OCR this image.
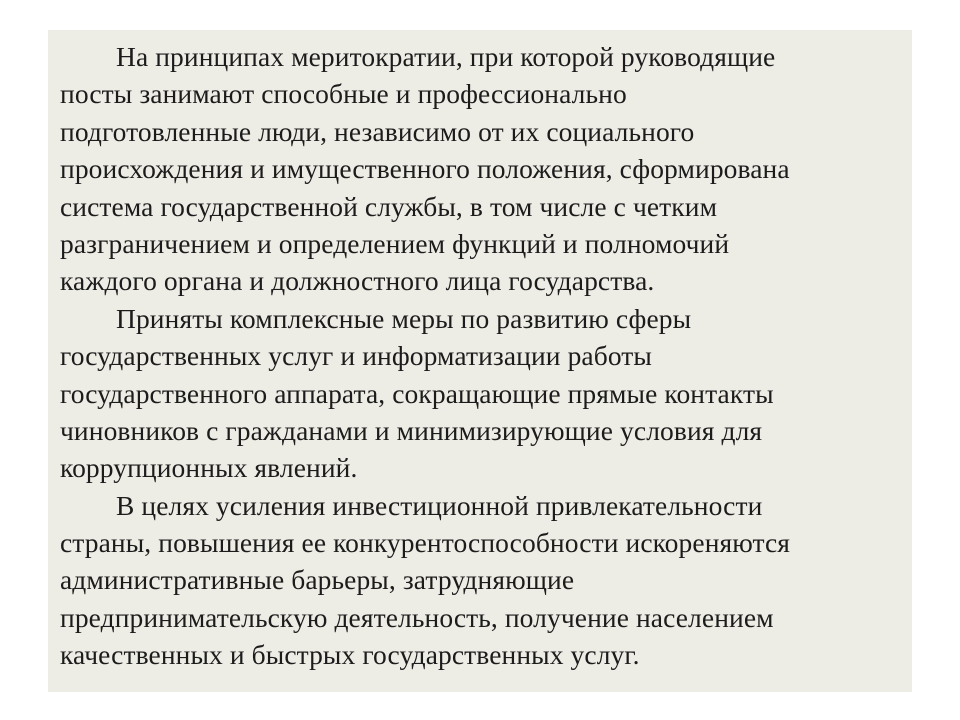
На принципах меритократии, при которой руководящие
посты занимают способные и профессионально
подготовленные люди, независимо от их социального
происхождения и имущественного положения, сформирована
система государственной службы, в том числе с четким
разграничением и определением функций и полномочий
каждого органа и должностного лица государства.

Приняты комплексные меры по развитию сферы
государственных услуг и информатизации работы
государственного аппарата, сокращающие прямые контакты
чиновников с гражданами и минимизирующие условия для
коррупционных явлений.

В целях усиления инвестиционной привлекательности
страны, повышения ее конкурентоспособности искореняются
административные барьеры, затрудняющие
предпринимательскую деятельность, получение населением
качественных и быстрых государственных услуг.
